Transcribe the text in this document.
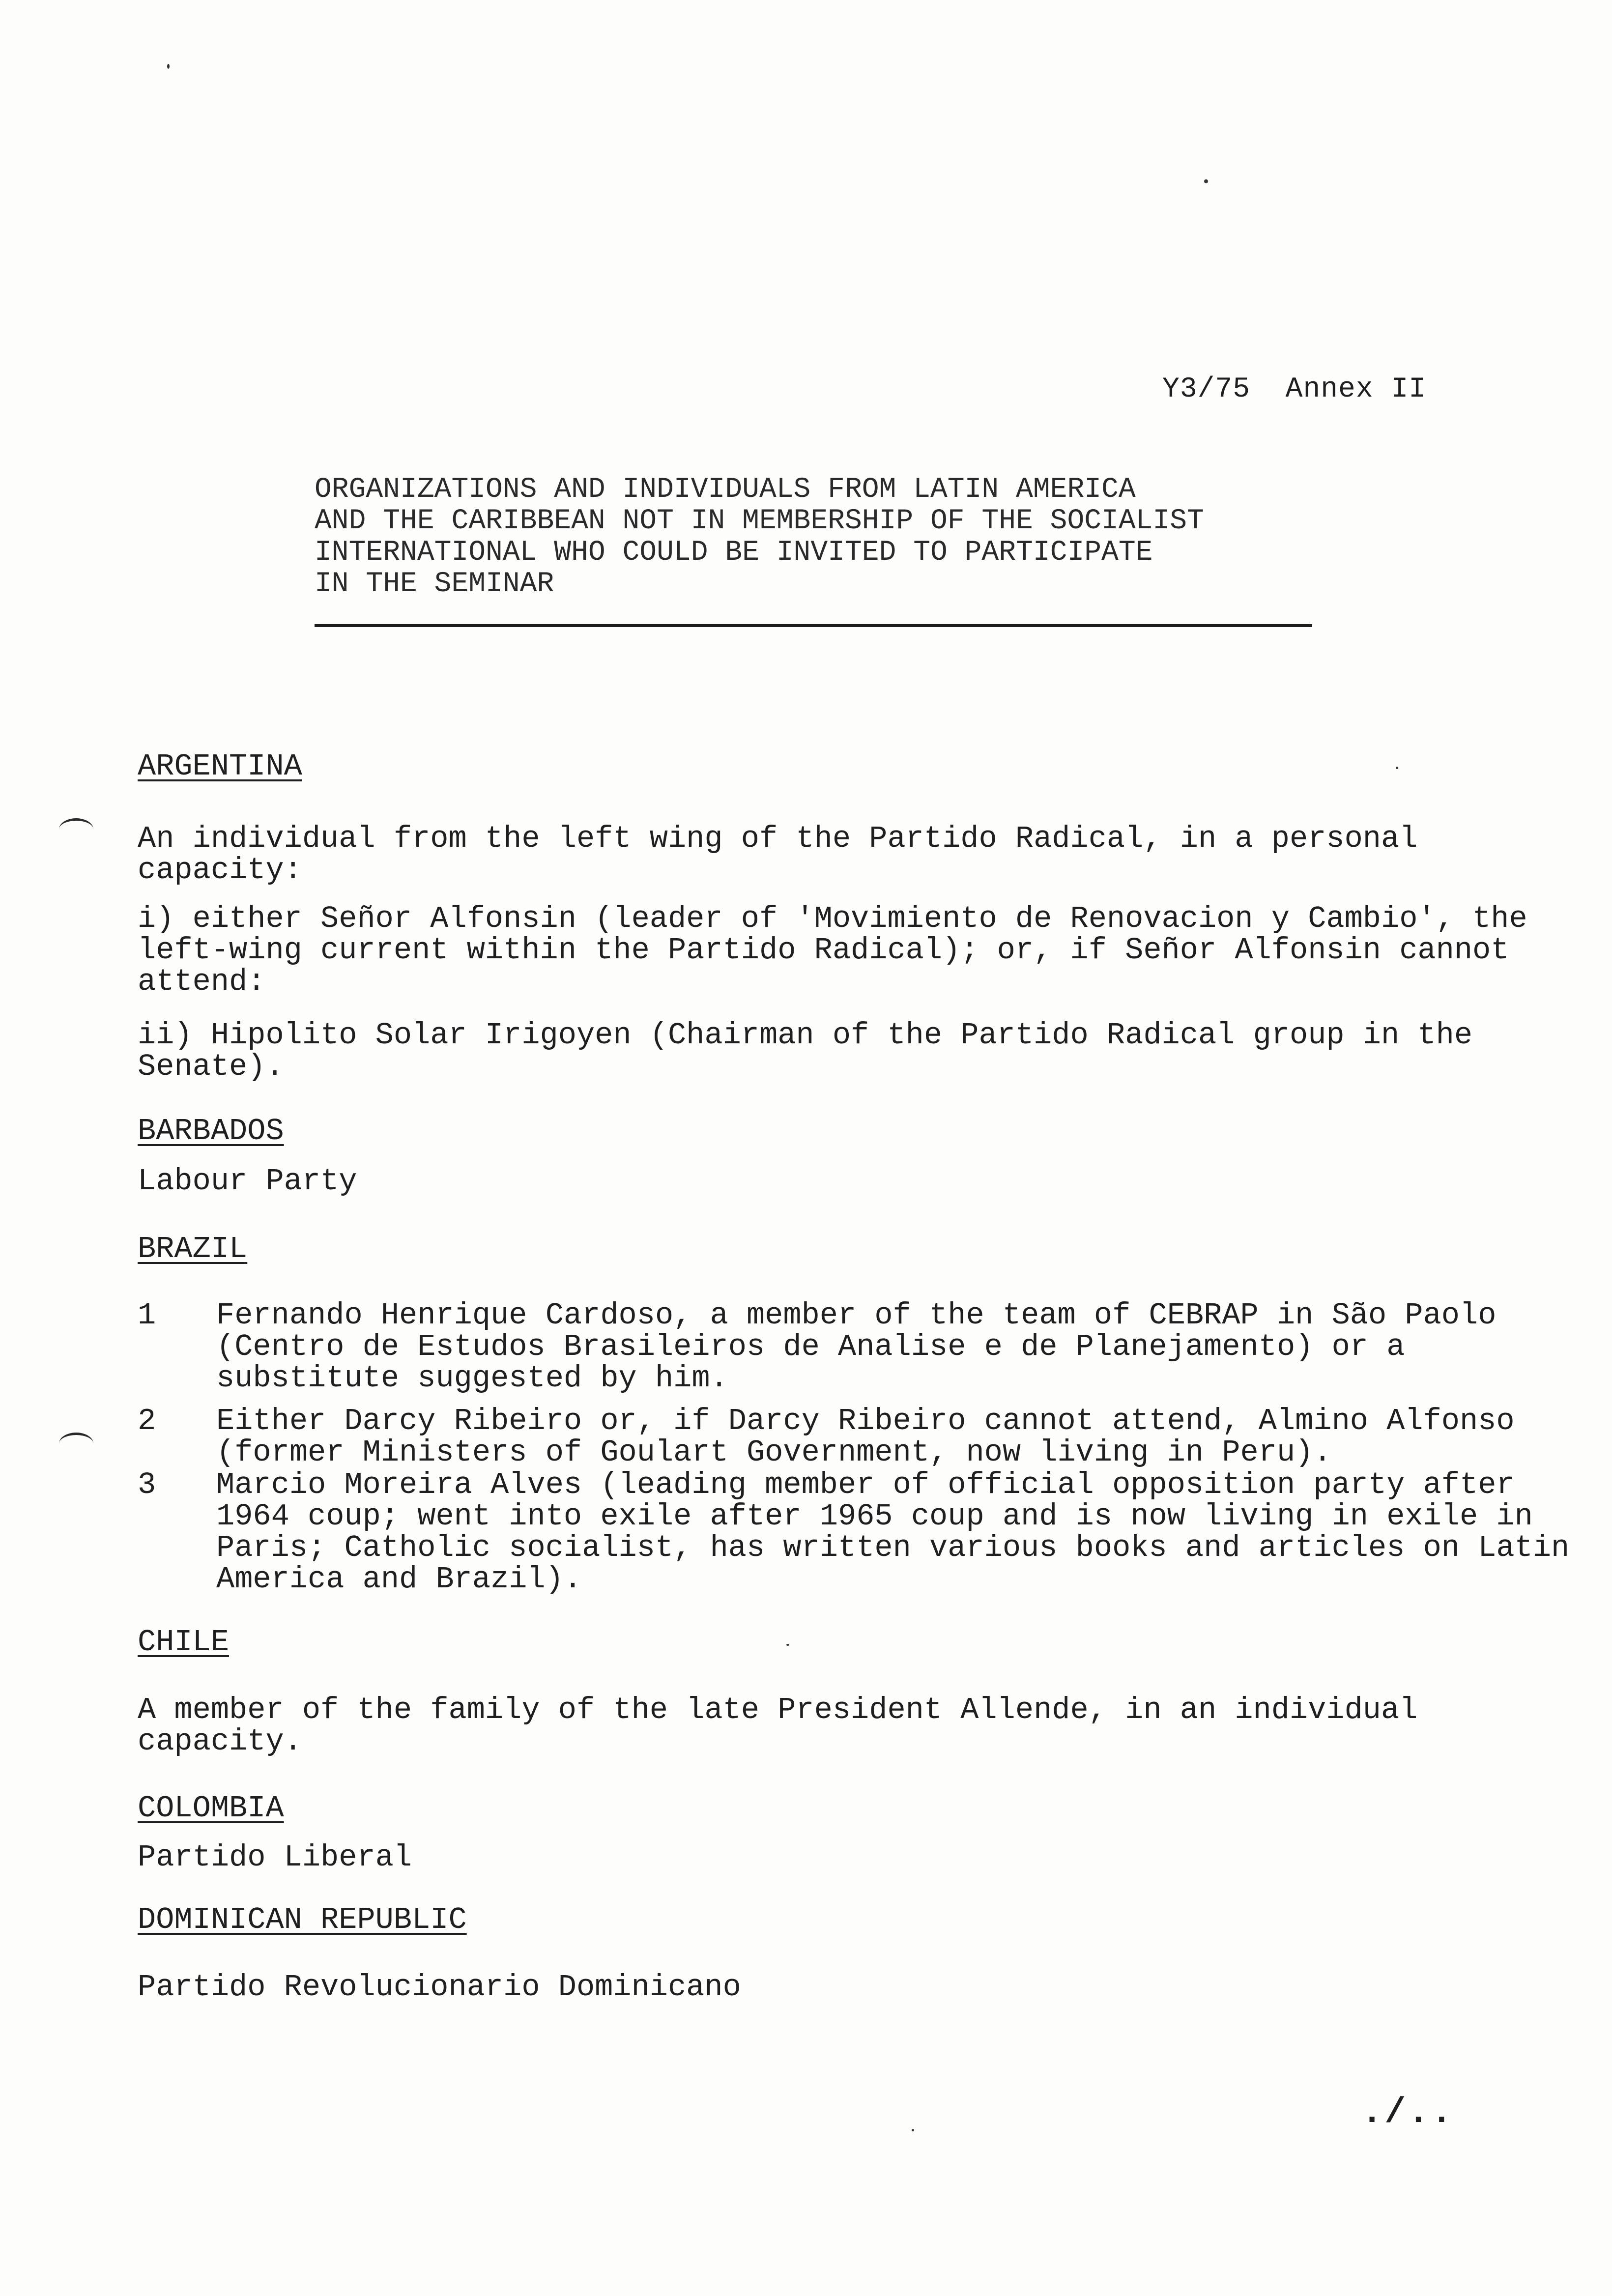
Y3/75  Annex II
ORGANIZATIONS AND INDIVIDUALS FROM LATIN AMERICA
AND THE CARIBBEAN NOT IN MEMBERSHIP OF THE SOCIALIST
INTERNATIONAL WHO COULD BE INVITED TO PARTICIPATE
IN THE SEMINAR
ARGENTINA
An individual from the left wing of the Partido Radical, in a personal capacity:
i) either Señor Alfonsin (leader of 'Movimiento de Renovacion y Cambio', the left-wing current within the Partido Radical); or, if Señor Alfonsin cannot attend:
ii) Hipolito Solar Irigoyen (Chairman of the Partido Radical group in the Senate).
BARBADOS
Labour Party
BRAZIL
1	Fernando Henrique Cardoso, a member of the team of CEBRAP in São Paolo (Centro de Estudos Brasileiros de Analise e de Planejamento) or a substitute suggested by him.
2	Either Darcy Ribeiro or, if Darcy Ribeiro cannot attend, Almino Alfonso (former Ministers of Goulart Government, now living in Peru).
3	Marcio Moreira Alves (leading member of official opposition party after 1964 coup; went into exile after 1965 coup and is now living in exile in Paris; Catholic socialist, has written various books and articles on Latin America and Brazil).
CHILE
A member of the family of the late President Allende, in an individual capacity.
COLOMBIA
Partido Liberal
DOMINICAN REPUBLIC
Partido Revolucionario Dominicano
./..
